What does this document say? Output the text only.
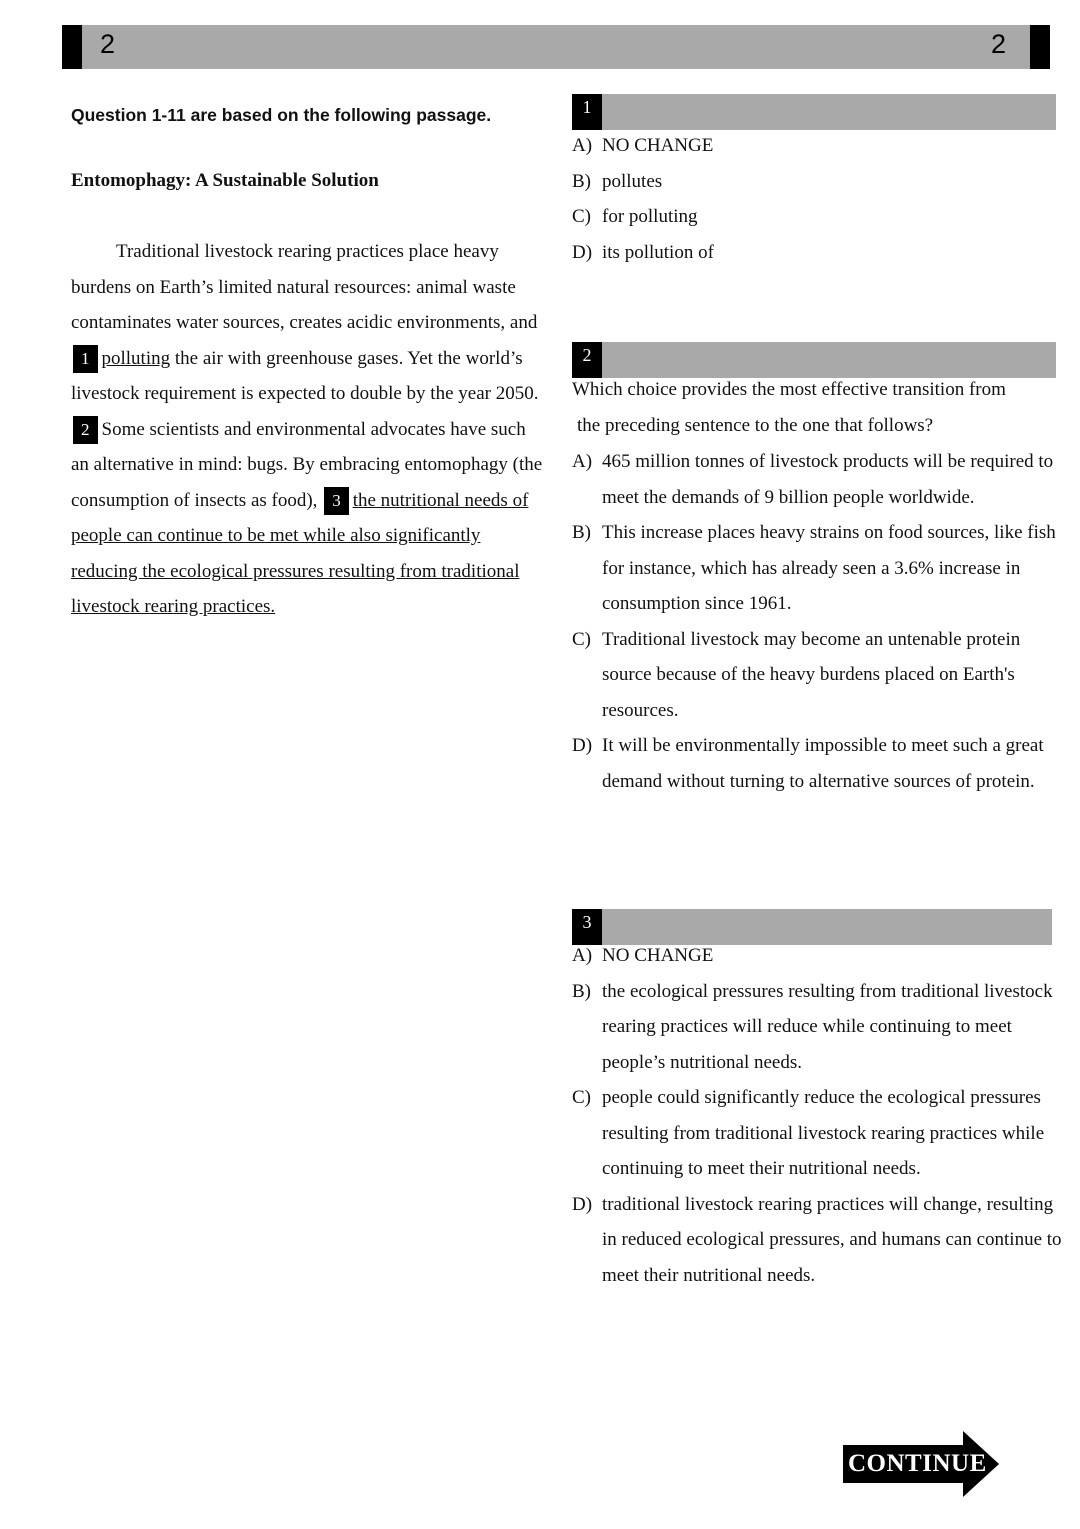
2	2

Question 1-11 are based on the following passage.

Entomophagy: A Sustainable Solution

Traditional livestock rearing practices place heavy burdens on Earth’s limited natural resources: animal waste contaminates water sources, creates acidic environments, and 1 polluting the air with greenhouse gases. Yet the world’s livestock requirement is expected to double by the year 2050. 2 Some scientists and environmental advocates have such an alternative in mind: bugs. By embracing entomophagy (the consumption of insects as food), 3 the nutritional needs of people can continue to be met while also significantly reducing the ecological pressures resulting from traditional livestock rearing practices.

1
A) NO CHANGE
B) pollutes
C) for polluting
D) its pollution of
2

Which choice provides the most effective transition from
the preceding sentence to the one that follows?

A) 465 million tonnes of livestock products will be required to meet the demands of 9 billion people worldwide.
B) This increase places heavy strains on food sources, like fish for instance, which has already seen a 3.6% increase in consumption since 1961.
C) Traditional livestock may become an untenable protein source because of the heavy burdens placed on Earth's resources.
D) It will be environmentally impossible to meet such a great demand without turning to alternative sources of protein.
3
A) NO CHANGE
B) the ecological pressures resulting from traditional livestock rearing practices will reduce while continuing to meet people’s nutritional needs.
C) people could significantly reduce the ecological pressures resulting from traditional livestock rearing practices while continuing to meet their nutritional needs.
D) traditional livestock rearing practices will change, resulting in reduced ecological pressures, and humans can continue to meet their nutritional needs.
CONTINUE
